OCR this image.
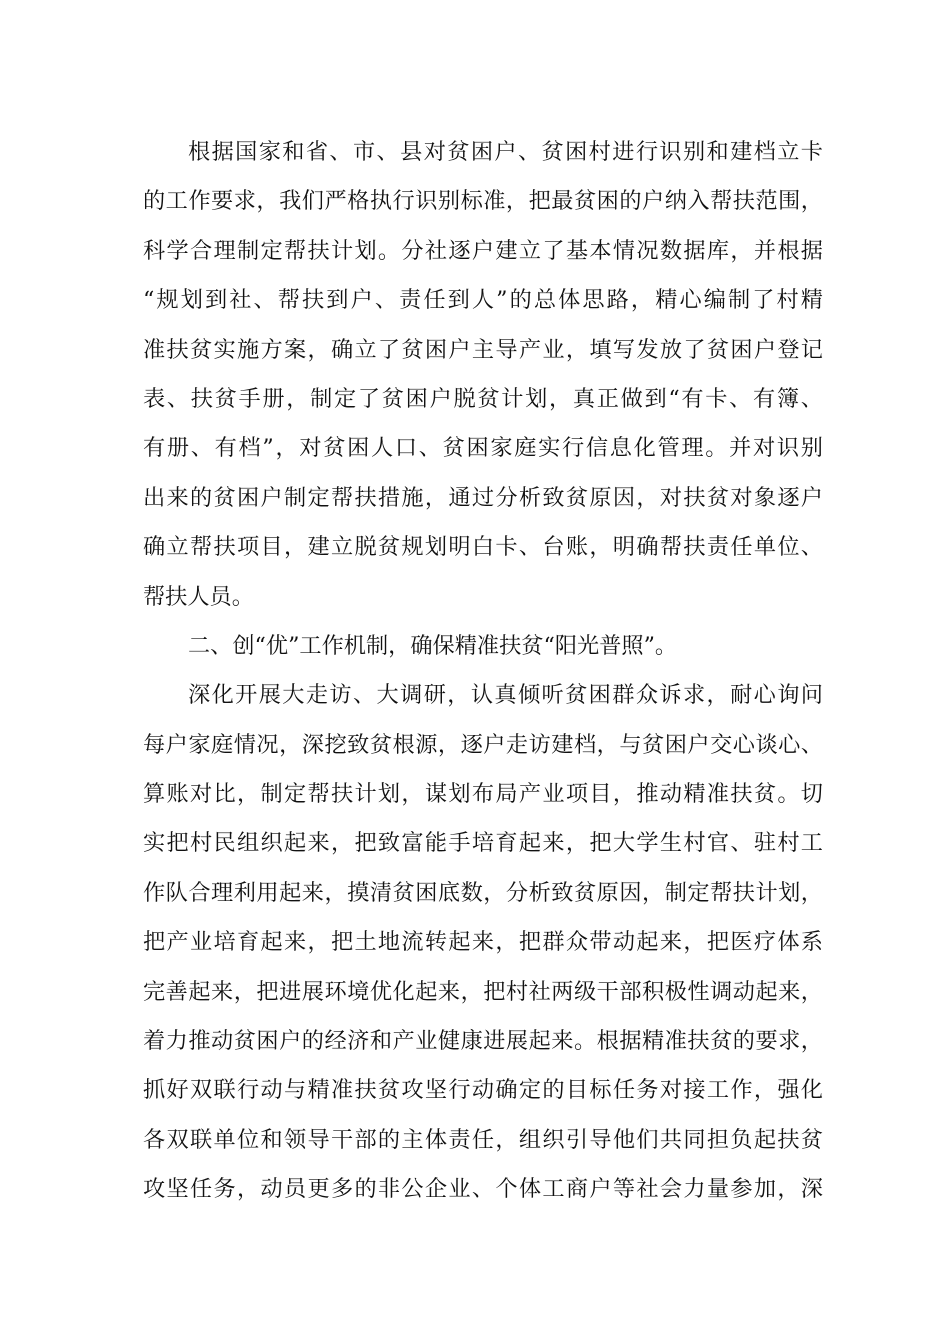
根据国家和省、市、县对贫困户、贫困村进行识别和建档立卡
的工作要求，我们严格执行识别标准，把最贫困的户纳入帮扶范围，
科学合理制定帮扶计划。分社逐户建立了基本情况数据库，并根据
“规划到社、帮扶到户、责任到人”的总体思路，精心编制了村精
准扶贫实施方案，确立了贫困户主导产业，填写发放了贫困户登记
表、扶贫手册，制定了贫困户脱贫计划，真正做到“有卡、有簿、
有册、有档”，对贫困人口、贫困家庭实行信息化管理。并对识别
出来的贫困户制定帮扶措施，通过分析致贫原因，对扶贫对象逐户
确立帮扶项目，建立脱贫规划明白卡、台账，明确帮扶责任单位、
帮扶人员。
二、创“优”工作机制，确保精准扶贫“阳光普照”。
深化开展大走访、大调研，认真倾听贫困群众诉求，耐心询问
每户家庭情况，深挖致贫根源，逐户走访建档，与贫困户交心谈心、
算账对比，制定帮扶计划，谋划布局产业项目，推动精准扶贫。切
实把村民组织起来，把致富能手培育起来，把大学生村官、驻村工
作队合理利用起来，摸清贫困底数，分析致贫原因，制定帮扶计划，
把产业培育起来，把土地流转起来，把群众带动起来，把医疗体系
完善起来，把进展环境优化起来，把村社两级干部积极性调动起来，
着力推动贫困户的经济和产业健康进展起来。根据精准扶贫的要求，
抓好双联行动与精准扶贫攻坚行动确定的目标任务对接工作，强化
各双联单位和领导干部的主体责任，组织引导他们共同担负起扶贫
攻坚任务，动员更多的非公企业、个体工商户等社会力量参加，深
